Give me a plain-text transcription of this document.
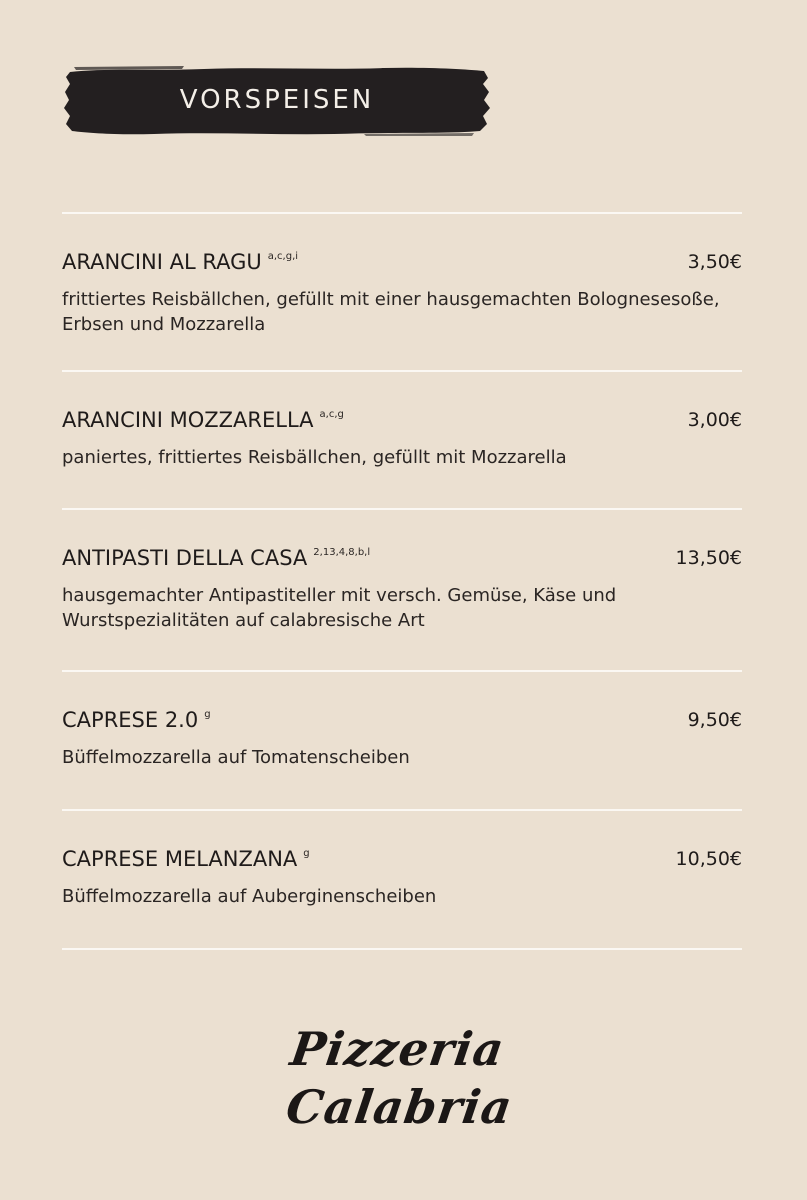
VORSPEISEN
ARANCINI AL RAGU $^{a,c,g,i}$	3,50€
frittiertes Reisbällchen, gefüllt mit einer hausgemachten Bolognesesoße, Erbsen und Mozzarella
ARANCINI MOZZARELLA $^{a,c,g}$	3,00€
paniertes, frittiertes Reisbällchen, gefüllt mit Mozzarella
ANTIPASTI DELLA CASA $^{2,13,4,8,b,l}$	13,50€
hausgemachter Antipastiteller mit versch. Gemüse, Käse und Wurstspezialitäten auf calabresische Art
CAPRESE 2.0 $^g$	9,50€
Büffelmozzarella auf Tomatenscheiben
CAPRESE MELANZANA $^g$	10,50€
Büffelmozzarella auf Auberginenscheiben
Pizzeria
Calabria
